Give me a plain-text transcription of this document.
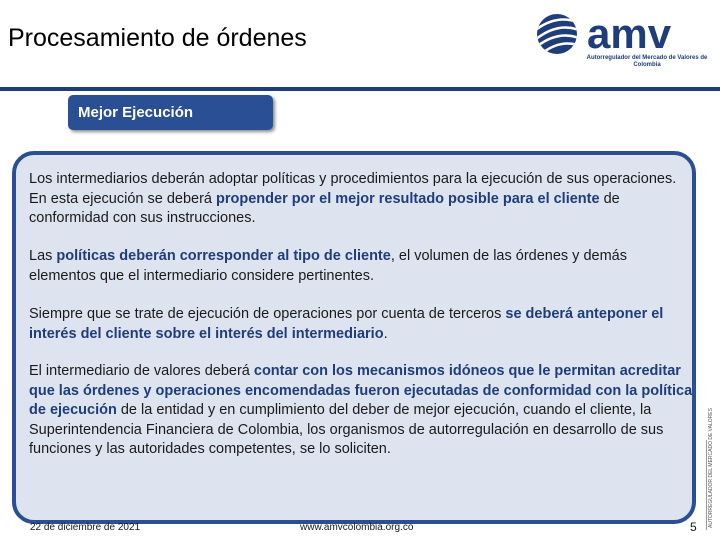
Procesamiento de órdenes	amv
Autorregulador del Mercado de Valores de Colombia
Mejor Ejecución
Los intermediarios deberán adoptar políticas y procedimientos para la ejecución de sus operaciones. En esta ejecución se deberá propender por el mejor resultado posible para el cliente de conformidad con sus instrucciones.
Las políticas deberán corresponder al tipo de cliente, el volumen de las órdenes y demás elementos que el intermediario considere pertinentes.
Siempre que se trate de ejecución de operaciones por cuenta de terceros se deberá anteponer el interés del cliente sobre el interés del intermediario.
El intermediario de valores deberá contar con los mecanismos idóneos que le permitan acreditar que las órdenes y operaciones encomendadas fueron ejecutadas de conformidad con la política de ejecución de la entidad y en cumplimiento del deber de mejor ejecución, cuando el cliente, la Superintendencia Financiera de Colombia, los organismos de autorregulación en desarrollo de sus funciones y las autoridades competentes, se lo soliciten.
22 de diciembre de 2021	www.amvcolombia.org.co	5 AUTORREGULADOR DEL MERCADO DE VALORES
